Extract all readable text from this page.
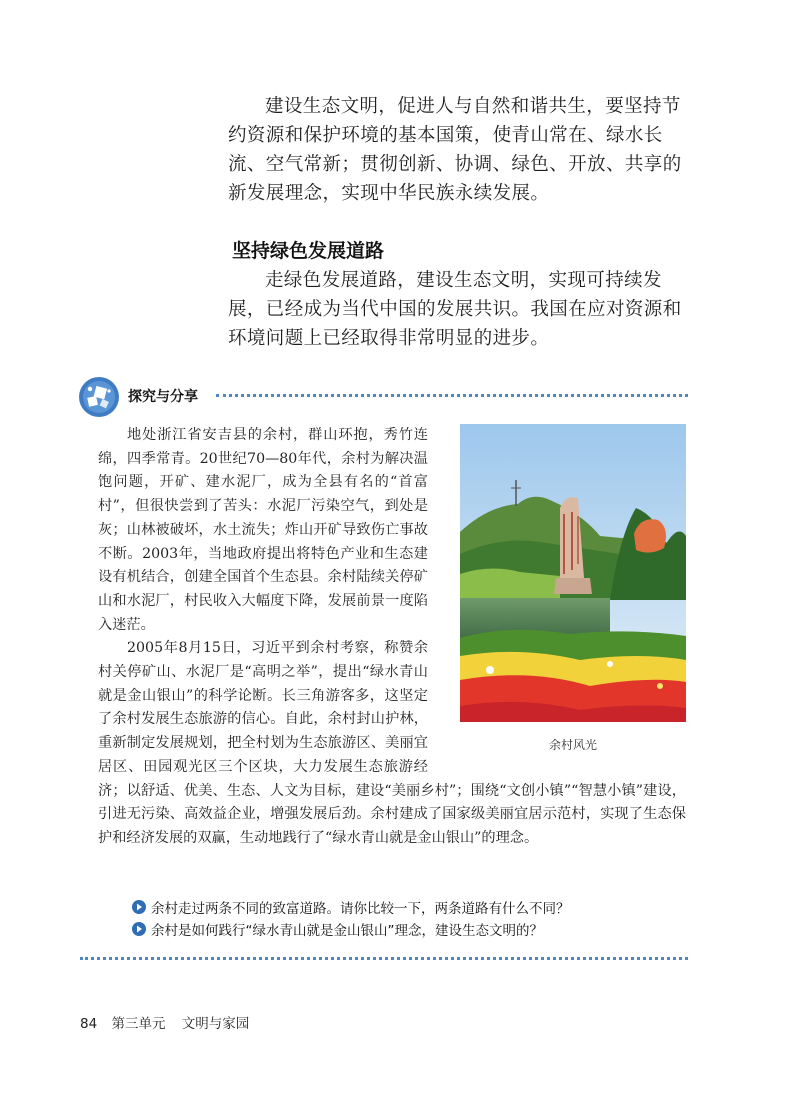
建设生态文明，促进人与自然和谐共生，要坚持节约资源和保护环境的基本国策，使青山常在、绿水长流、空气常新；贯彻创新、协调、绿色、开放、共享的新发展理念，实现中华民族永续发展。

坚持绿色发展道路

走绿色发展道路，建设生态文明，实现可持续发展，已经成为当代中国的发展共识。我国在应对资源和环境问题上已经取得非常明显的进步。

探究与分享
余村风光

地处浙江省安吉县的余村，群山环抱，秀竹连绵，四季常青。20世纪70—80年代，余村为解决温饱问题，开矿、建水泥厂，成为全县有名的“首富村”，但很快尝到了苦头：水泥厂污染空气，到处是灰；山林被破坏，水土流失；炸山开矿导致伤亡事故不断。2003年，当地政府提出将特色产业和生态建设有机结合，创建全国首个生态县。余村陆续关停矿山和水泥厂，村民收入大幅度下降，发展前景一度陷入迷茫。

2005年8月15日，习近平到余村考察，称赞余村关停矿山、水泥厂是“高明之举”，提出“绿水青山就是金山银山”的科学论断。长三角游客多，这坚定了余村发展生态旅游的信心。自此，余村封山护林，重新制定发展规划，把全村划为生态旅游区、美丽宜居区、田园观光区三个区块，大力发展生态旅游经济；以舒适、优美、生态、人文为目标，建设“美丽乡村”；围绕“文创小镇”“智慧小镇”建设，引进无污染、高效益企业，增强发展后劲。余村建成了国家级美丽宜居示范村，实现了生态保护和经济发展的双赢，生动地践行了“绿水青山就是金山银山”的理念。

余村走过两条不同的致富道路。请你比较一下，两条道路有什么不同？
余村是如何践行“绿水青山就是金山银山”理念，建设生态文明的？
84 第三单元 文明与家园
